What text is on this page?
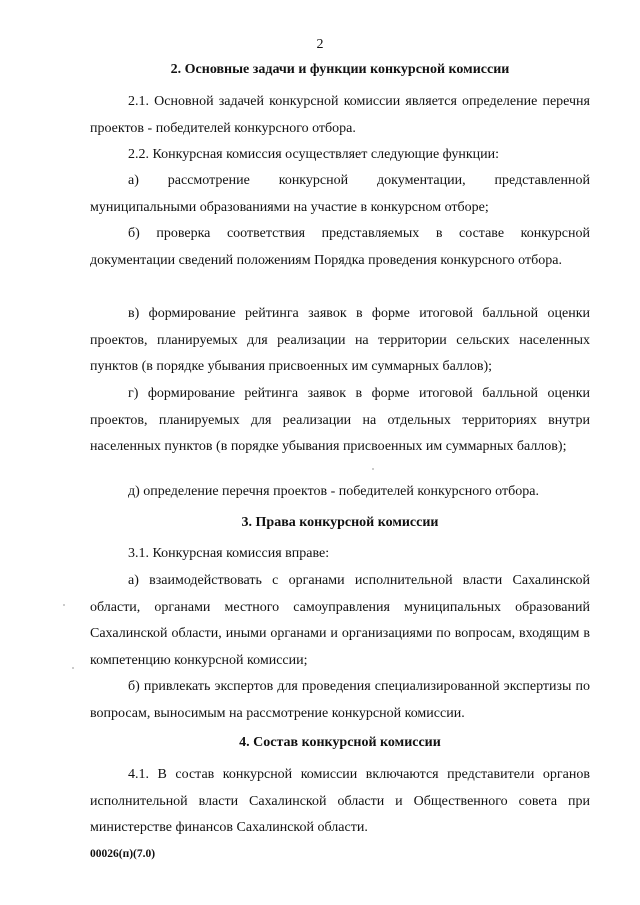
2
2. Основные задачи и функции конкурсной комиссии

2.1. Основной задачей конкурсной комиссии является определение перечня проектов - победителей конкурсного отбора.

2.2. Конкурсная комиссия осуществляет следующие функции:

а) рассмотрение конкурсной документации, представленной муниципальными образованиями на участие в конкурсном отборе;

б) проверка соответствия представляемых в составе конкурсной документации сведений положениям Порядка проведения конкурсного отбора.

в) формирование рейтинга заявок в форме итоговой балльной оценки проектов, планируемых для реализации на территории сельских населенных пунктов (в порядке убывания присвоенных им суммарных баллов);

г) формирование рейтинга заявок в форме итоговой балльной оценки проектов, планируемых для реализации на отдельных территориях внутри населенных пунктов (в порядке убывания присвоенных им суммарных баллов);

д) определение перечня проектов - победителей конкурсного отбора.

3. Права конкурсной комиссии

3.1. Конкурсная комиссия вправе:

а) взаимодействовать с органами исполнительной власти Сахалинской области, органами местного самоуправления муниципальных образований Сахалинской области, иными органами и организациями по вопросам, входящим в компетенцию конкурсной комиссии;

б) привлекать экспертов для проведения специализированной экспертизы по вопросам, выносимым на рассмотрение конкурсной комиссии.

4. Состав конкурсной комиссии

4.1. В состав конкурсной комиссии включаются представители органов исполнительной власти Сахалинской области и Общественного совета при министерстве финансов Сахалинской области.

00026(п)(7.0)
